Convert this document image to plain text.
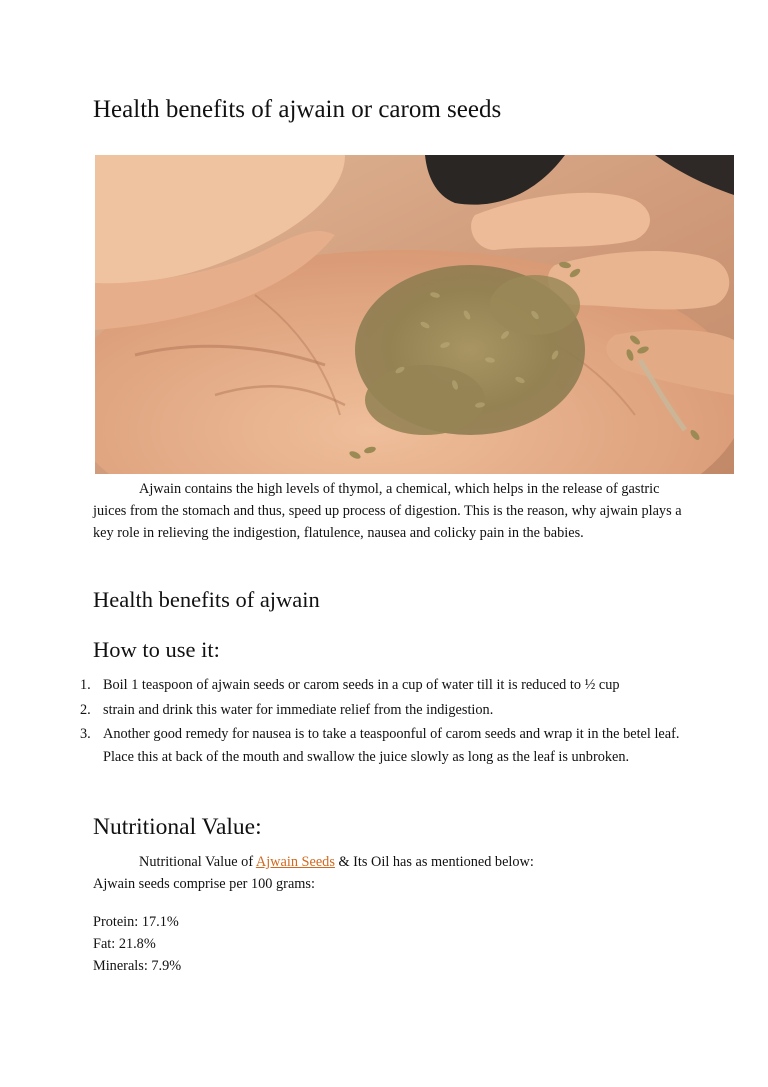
Health benefits of ajwain or carom seeds

Ajwain contains the high levels of thymol, a chemical, which helps in the release of gastric juices from the stomach and thus, speed up process of digestion. This is the reason, why ajwain plays a key role in relieving the indigestion, flatulence, nausea and colicky pain in the babies.

Health benefits of ajwain
How to use it:
1. Boil 1 teaspoon of ajwain seeds or carom seeds in a cup of water till it is reduced to ½ cup
2. strain and drink this water for immediate relief from the indigestion.
3. Another good remedy for nausea is to take a teaspoonful of carom seeds and wrap it in the betel leaf. Place this at back of the mouth and swallow the juice slowly as long as the leaf is unbroken.
Nutritional Value:

Nutritional Value of Ajwain Seeds & Its Oil has as mentioned below:

Ajwain seeds comprise per 100 grams:

Protein: 17.1%

Fat: 21.8%

Minerals: 7.9%
